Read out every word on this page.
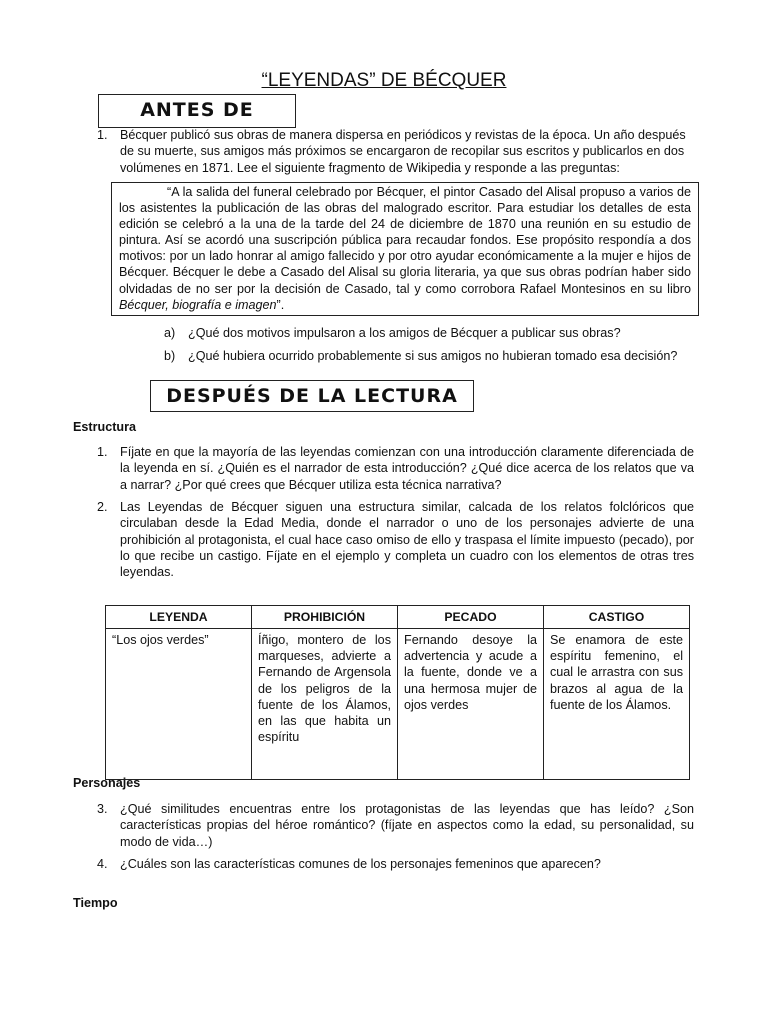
“LEYENDAS” DE BÉCQUER
ANTES DE
1. Bécquer publicó sus obras de manera dispersa en periódicos y revistas de la época. Un año después de su muerte, sus amigos más próximos se encargaron de recopilar sus escritos y publicarlos en dos volúmenes en 1871. Lee el siguiente fragmento de Wikipedia y responde a las preguntas:
“A la salida del funeral celebrado por Bécquer, el pintor Casado del Alisal propuso a varios de los asistentes la publicación de las obras del malogrado escritor. Para estudiar los detalles de esta edición se celebró a la una de la tarde del 24 de diciembre de 1870 una reunión en su estudio de pintura. Así se acordó una suscripción pública para recaudar fondos. Ese propósito respondía a dos motivos: por un lado honrar al amigo fallecido y por otro ayudar económicamente a la mujer e hijos de Bécquer. Bécquer le debe a Casado del Alisal su gloria literaria, ya que sus obras podrían haber sido olvidadas de no ser por la decisión de Casado, tal y como corrobora Rafael Montesinos en su libro Bécquer, biografía e imagen”.
a) ¿Qué dos motivos impulsaron a los amigos de Bécquer a publicar sus obras?
b) ¿Qué hubiera ocurrido probablemente si sus amigos no hubieran tomado esa decisión?
DESPUÉS DE LA LECTURA
Estructura
1. Fíjate en que la mayoría de las leyendas comienzan con una introducción claramente diferenciada de la leyenda en sí. ¿Quién es el narrador de esta introducción? ¿Qué dice acerca de los relatos que va a narrar? ¿Por qué crees que Bécquer utiliza esta técnica narrativa?
2. Las Leyendas de Bécquer siguen una estructura similar, calcada de los relatos folclóricos que circulaban desde la Edad Media, donde el narrador o uno de los personajes advierte de una prohibición al protagonista, el cual hace caso omiso de ello y traspasa el límite impuesto (pecado), por lo que recibe un castigo. Fíjate en el ejemplo y completa un cuadro con los elementos de otras tres leyendas.
LEYENDA	PROHIBICIÓN	PECADO	CASTIGO
“Los ojos verdes”	Íñigo, montero de los marqueses, advierte a Fernando de Argensola de los peligros de la fuente de los Álamos, en las que habita un espíritu	Fernando desoye la advertencia y acude a la fuente, donde ve a una hermosa mujer de ojos verdes	Se enamora de este espíritu femenino, el cual le arrastra con sus brazos al agua de la fuente de los Álamos.
Personajes
3. ¿Qué similitudes encuentras entre los protagonistas de las leyendas que has leído? ¿Son características propias del héroe romántico? (fíjate en aspectos como la edad, su personalidad, su modo de vida…)
4. ¿Cuáles son las características comunes de los personajes femeninos que aparecen?
Tiempo
